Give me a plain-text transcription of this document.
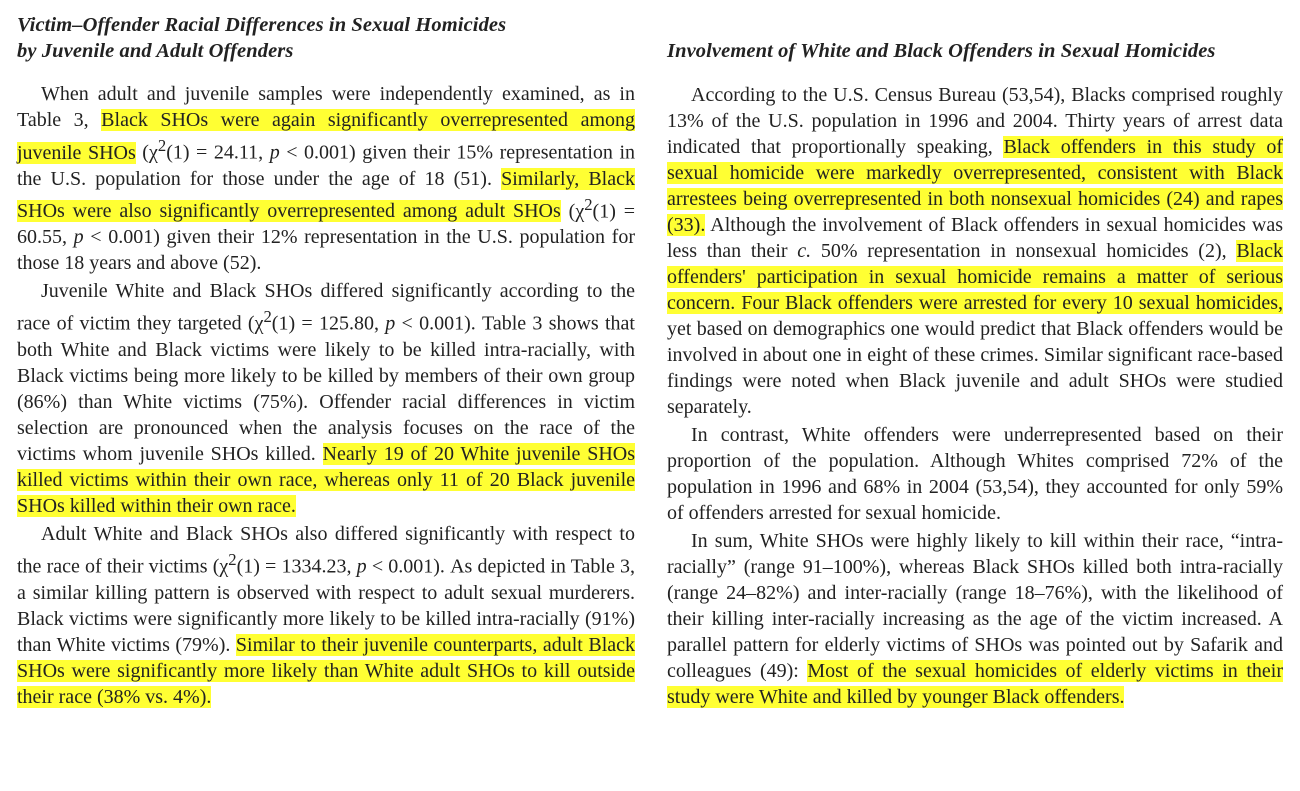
Victim–Offender Racial Differences in Sexual Homicides
by Juvenile and Adult Offenders

When adult and juvenile samples were independently examined, as in Table 3, Black SHOs were again significantly overrepresented among juvenile SHOs ($\chi^2(1) = 24.11$, p < 0.001) given their 15% representation in the U.S. population for those under the age of 18 (51). Similarly, Black SHOs were also significantly overrepresented among adult SHOs ($\chi^2(1) = 60.55$, p < 0.001) given their 12% representation in the U.S. population for those 18 years and above (52).

Juvenile White and Black SHOs differed significantly according to the race of victim they targeted ($\chi^2(1) = 125.80$, p < 0.001). Table 3 shows that both White and Black victims were likely to be killed intra-racially, with Black victims being more likely to be killed by members of their own group (86%) than White victims (75%). Offender racial differences in victim selection are pronounced when the analysis focuses on the race of the victims whom juvenile SHOs killed. Nearly 19 of 20 White juvenile SHOs killed victims within their own race, whereas only 11 of 20 Black juvenile SHOs killed within their own race.

Adult White and Black SHOs also differed significantly with respect to the race of their victims ($\chi^2(1) = 1334.23$, p < 0.001). As depicted in Table 3, a similar killing pattern is observed with respect to adult sexual murderers. Black victims were significantly more likely to be killed intra-racially (91%) than White victims (79%). Similar to their juvenile counterparts, adult Black SHOs were significantly more likely than White adult SHOs to kill outside their race (38% vs. 4%).

Involvement of White and Black Offenders in Sexual Homicides

According to the U.S. Census Bureau (53,54), Blacks comprised roughly 13% of the U.S. population in 1996 and 2004. Thirty years of arrest data indicated that proportionally speaking, Black offenders in this study of sexual homicide were markedly overrepresented, consistent with Black arrestees being overrepresented in both nonsexual homicides (24) and rapes (33). Although the involvement of Black offenders in sexual homicides was less than their c. 50% representation in nonsexual homicides (2), Black offenders' participation in sexual homicide remains a matter of serious concern. Four Black offenders were arrested for every 10 sexual homicides, yet based on demographics one would predict that Black offenders would be involved in about one in eight of these crimes. Similar significant race-based findings were noted when Black juvenile and adult SHOs were studied separately.

In contrast, White offenders were underrepresented based on their proportion of the population. Although Whites comprised 72% of the population in 1996 and 68% in 2004 (53,54), they accounted for only 59% of offenders arrested for sexual homicide.

In sum, White SHOs were highly likely to kill within their race, “intra-racially” (range 91–100%), whereas Black SHOs killed both intra-racially (range 24–82%) and inter-racially (range 18–76%), with the likelihood of their killing inter-racially increasing as the age of the victim increased. A parallel pattern for elderly victims of SHOs was pointed out by Safarik and colleagues (49): Most of the sexual homicides of elderly victims in their study were White and killed by younger Black offenders.
